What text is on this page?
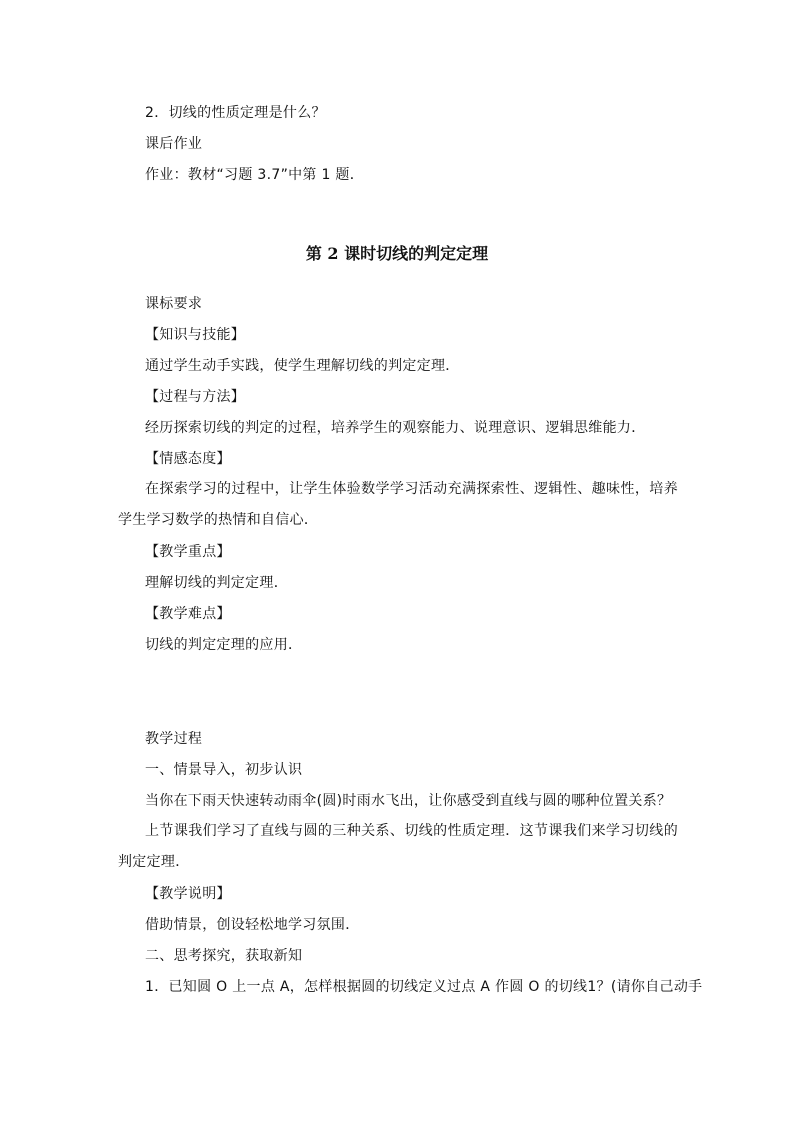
2．切线的性质定理是什么？
课后作业
作业：教材“习题 3.7”中第 1 题．
第 2 课时切线的判定定理
课标要求
【知识与技能】
通过学生动手实践，使学生理解切线的判定定理．
【过程与方法】
经历探索切线的判定的过程，培养学生的观察能力、说理意识、逻辑思维能力．
【情感态度】
在探索学习的过程中，让学生体验数学学习活动充满探索性、逻辑性、趣味性，培养学生学习数学的热情和自信心．
【教学重点】
理解切线的判定定理．
【教学难点】
切线的判定定理的应用．
教学过程
一、情景导入，初步认识
当你在下雨天快速转动雨伞(圆)时雨水飞出，让你感受到直线与圆的哪种位置关系？
上节课我们学习了直线与圆的三种关系、切线的性质定理．这节课我们来学习切线的判定定理．
【教学说明】
借助情景，创设轻松地学习氛围．
二、思考探究，获取新知
1．已知圆 O 上一点 A，怎样根据圆的切线定义过点 A 作圆 O 的切线1？(请你自己动手
